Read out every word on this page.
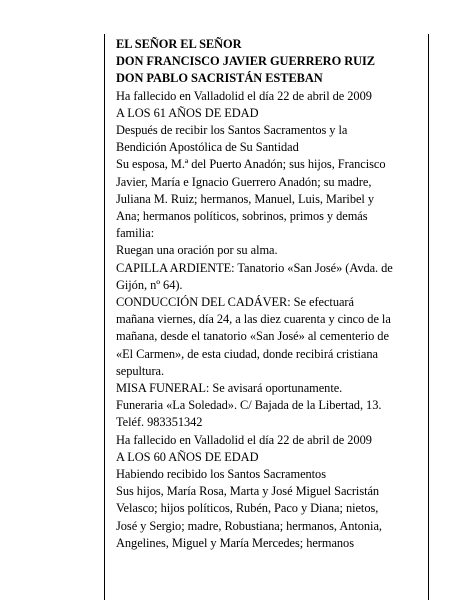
EL SEÑOR EL SEÑOR
DON FRANCISCO JAVIER GUERRERO RUIZ
DON PABLO SACRISTÁN ESTEBAN
Ha fallecido en Valladolid el día 22 de abril de 2009
A LOS 61 AÑOS DE EDAD
Después de recibir los Santos Sacramentos y la
Bendición Apostólica de Su Santidad
Su esposa, M.ª del Puerto Anadón; sus hijos, Francisco
Javier, María e Ignacio Guerrero Anadón; su madre,
Juliana M. Ruiz; hermanos, Manuel, Luis, Maribel y
Ana; hermanos políticos, sobrinos, primos y demás
familia:
Ruegan una oración por su alma.
CAPILLA ARDIENTE: Tanatorio «San José» (Avda. de
Gijón, nº 64).
CONDUCCIÓN DEL CADÁVER: Se efectuará
mañana viernes, día 24, a las diez cuarenta y cinco de la
mañana, desde el tanatorio «San José» al cementerio de
«El Carmen», de esta ciudad, donde recibirá cristiana
sepultura.
MISA FUNERAL: Se avisará oportunamente.
Funeraria «La Soledad». C/ Bajada de la Libertad, 13.
Teléf. 983351342
Ha fallecido en Valladolid el día 22 de abril de 2009
A LOS 60 AÑOS DE EDAD
Habiendo recibido los Santos Sacramentos
Sus hijos, María Rosa, Marta y José Miguel Sacristán
Velasco; hijos políticos, Rubén, Paco y Diana; nietos,
José y Sergio; madre, Robustiana; hermanos, Antonia,
Angelines, Miguel y María Mercedes; hermanos
